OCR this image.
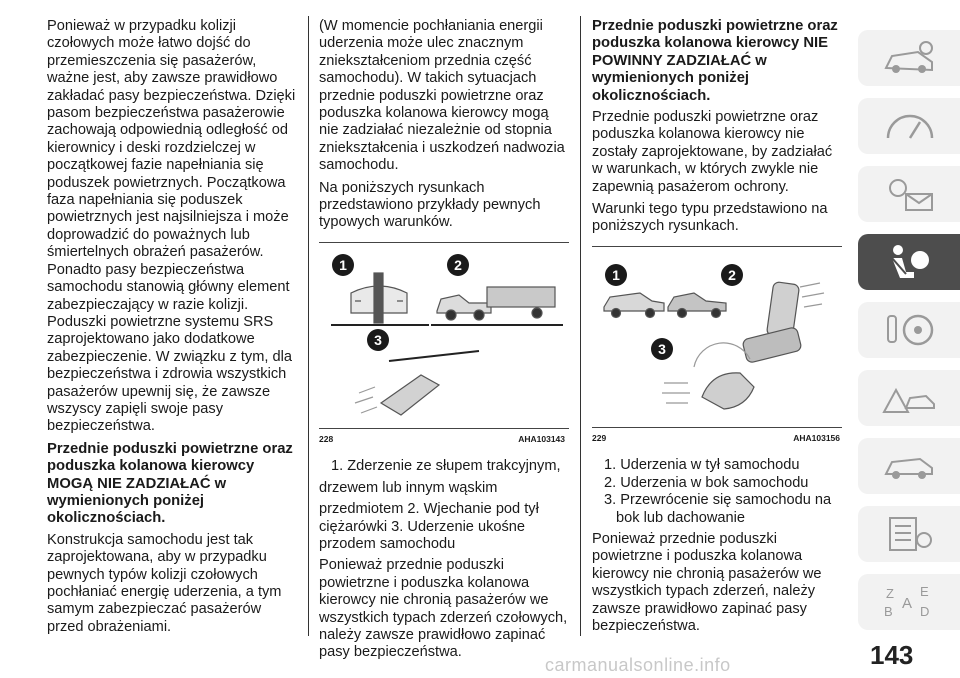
Ponieważ w przypadku kolizji czołowych może łatwo dojść do przemieszczenia się pasażerów, ważne jest, aby zawsze prawidłowo zakładać pasy bezpieczeństwa. Dzięki pasom bezpieczeństwa pasażerowie zachowają odpowiednią odległość od kierownicy i deski rozdzielczej w początkowej fazie napełniania się poduszek powietrznych. Początkowa faza napełniania się poduszek powietrznych jest najsilniejsza i może doprowadzić do poważnych lub śmiertelnych obrażeń pasażerów. Ponadto pasy bezpieczeństwa samochodu stanowią główny element zabezpieczający w razie kolizji. Poduszki powietrzne systemu SRS zaprojektowano jako dodatkowe zabezpieczenie. W związku z tym, dla bezpieczeństwa i zdrowia wszystkich pasażerów upewnij się, że zawsze wszyscy zapięli swoje pasy bezpieczeństwa.

Przednie poduszki powietrzne oraz poduszka kolanowa kierowcy MOGĄ NIE ZADZIAŁAĆ w wymienionych poniżej okolicznościach.

Konstrukcja samochodu jest tak zaprojektowana, aby w przypadku pewnych typów kolizji czołowych pochłaniać energię uderzenia, a tym samym zabezpieczać pasażerów przed obrażeniami.

(W momencie pochłaniania energii uderzenia może ulec znacznym zniekształceniom przednia część samochodu). W takich sytuacjach przednie poduszki powietrzne oraz poduszka kolanowa kierowcy mogą nie zadziałać niezależnie od stopnia zniekształcenia i uszkodzeń nadwozia samochodu.

Na poniższych rysunkach przedstawiono przykłady pewnych typowych warunków.

1	2
3
228	AHA103143

1. Zderzenie ze słupem trakcyjnym,

drzewem lub innym wąskim

przedmiotem 2. Wjechanie pod tył ciężarówki 3. Uderzenie ukośne przodem samochodu

Ponieważ przednie poduszki powietrzne i poduszka kolanowa kierowcy nie chronią pasażerów we wszystkich typach zderzeń czołowych, należy zawsze prawidłowo zapinać pasy bezpieczeństwa.

Przednie poduszki powietrzne oraz poduszka kolanowa kierowcy NIE POWINNY ZADZIAŁAĆ w wymienionych poniżej okolicznościach.

Przednie poduszki powietrzne oraz poduszka kolanowa kierowcy nie zostały zaprojektowane, by zadziałać w warunkach, w których zwykle nie zapewnią pasażerom ochrony.

Warunki tego typu przedstawiono na poniższych rysunkach.

1	2
3
229	AHA103156

1. Uderzenia w tył samochodu

2. Uderzenia w bok samochodu

3. Przewrócenie się samochodu na bok lub dachowanie

Ponieważ przednie poduszki powietrzne i poduszka kolanowa kierowcy nie chronią pasażerów we wszystkich typach zderzeń, należy zawsze prawidłowo zapinać pasy bezpieczeństwa.

Z E
B D
A
143
carmanualsonline.info
